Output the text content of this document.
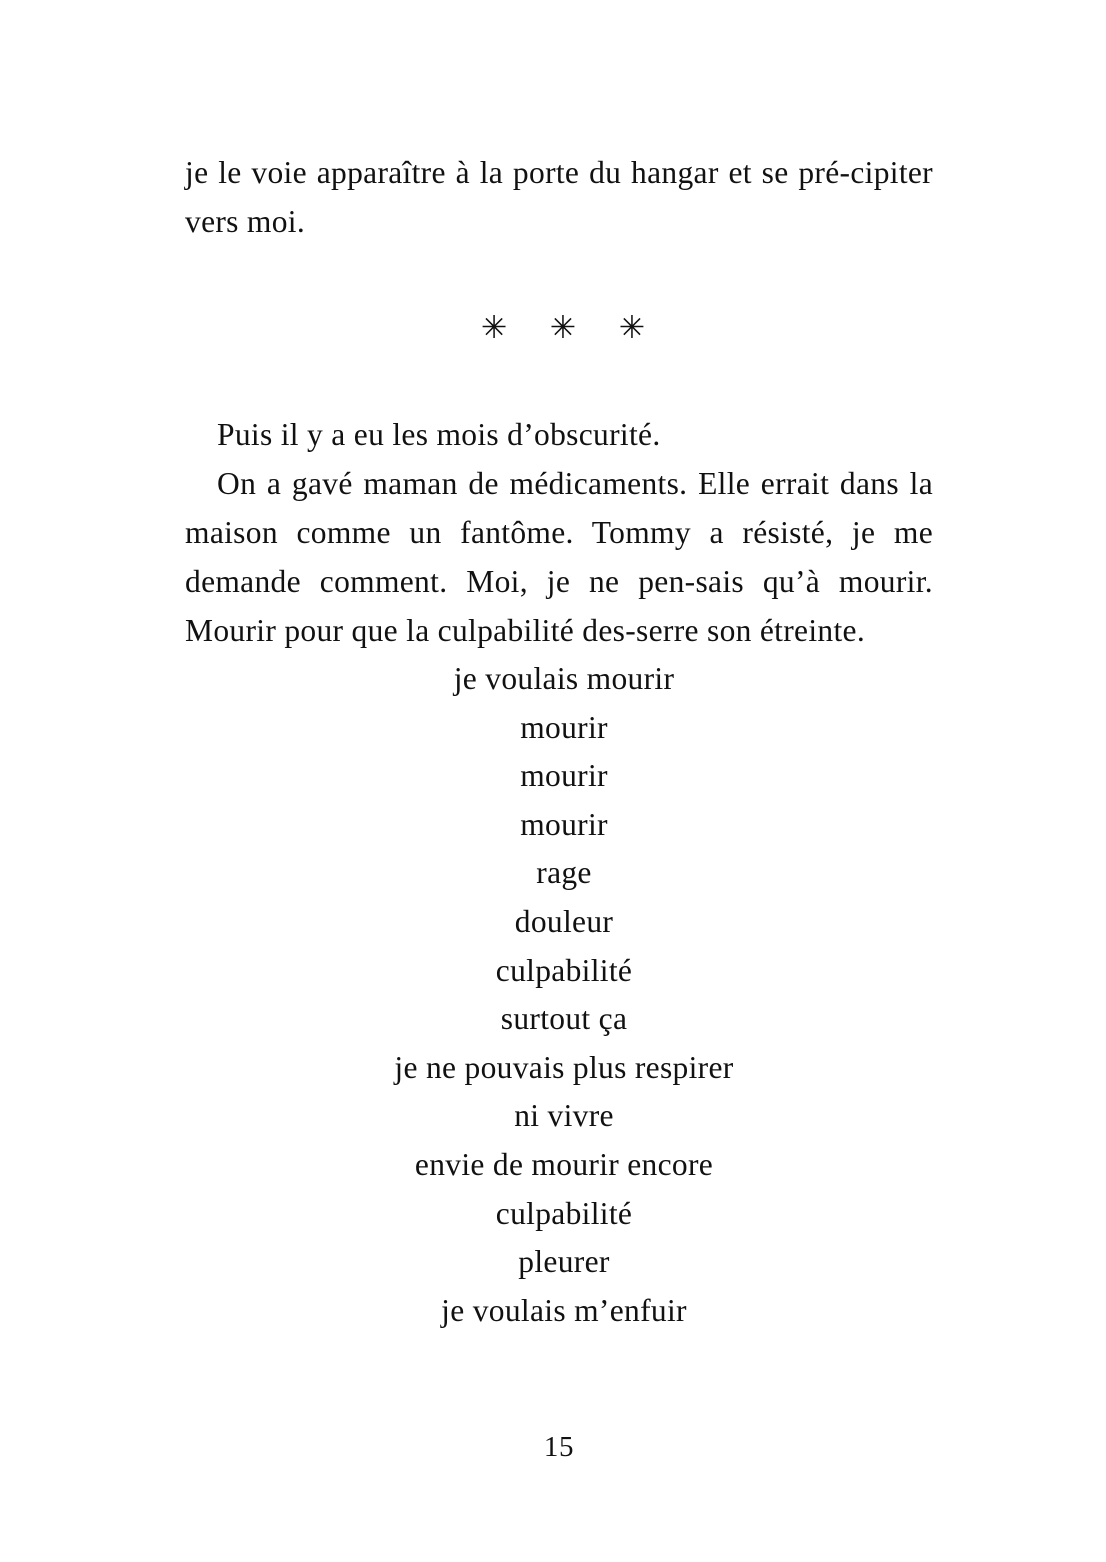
je le voie apparaître à la porte du hangar et se pré-cipiter vers moi.

✳ ✳ ✳

Puis il y a eu les mois d’obscurité.

On a gavé maman de médicaments. Elle errait dans la maison comme un fantôme. Tommy a résisté, je me demande comment. Moi, je ne pen-sais qu’à mourir. Mourir pour que la culpabilité des-serre son étreinte.

je voulais mourir
mourir
mourir
mourir
rage
douleur
culpabilité
surtout ça
je ne pouvais plus respirer
ni vivre
envie de mourir encore
culpabilité
pleurer
je voulais m’enfuir
15
